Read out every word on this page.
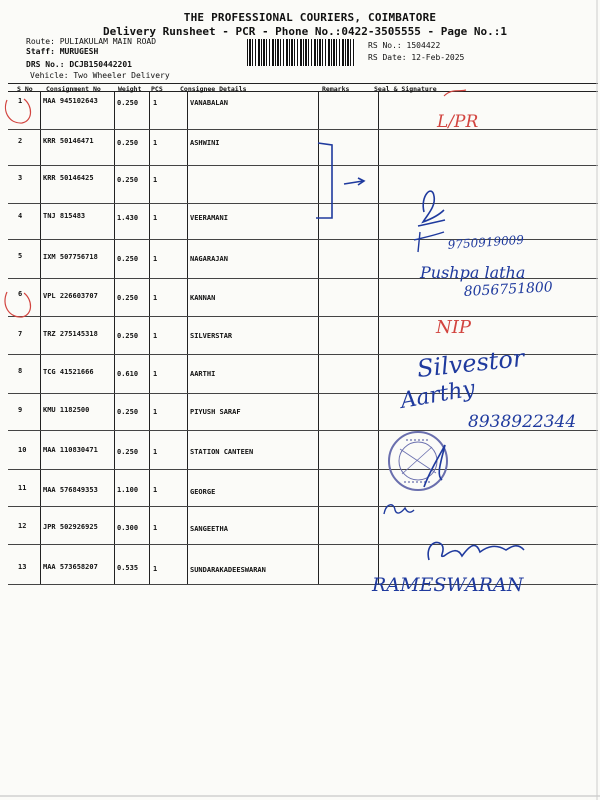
THE PROFESSIONAL COURIERS, COIMBATORE
Delivery Runsheet - PCR - Phone No.:0422-3505555 - Page No.:1
Route: PULIAKULAM MAIN ROAD
Staff: MURUGESH
DRS No.: DCJB150442201
Vehicle: Two Wheeler Delivery
RS No.: 1504422
RS Date: 12-Feb-2025
S No Consignment No	Weight PCS	Consignee Details	Remarks	Seal & Signature
1	MAA 945102643	0.250 1	VANABALAN
2	KRR 50146471	0.250 1	ASHWINI
3	KRR 50146425	0.250 1
4	TNJ 815483	1.430 1	VEERAMANI
5	IXM 507756718	0.250 1	NAGARAJAN
6	VPL 226603707	0.250 1	KANNAN
7	TRZ 275145318	0.250 1	SILVERSTAR
8	TCG 41521666	0.610 1	AARTHI
9	KMU 1182500	0.250 1	PIYUSH SARAF
10 MAA 110830471	0.250 1	STATION CANTEEN
11 MAA 576849353	1.100 1	GEORGE
12 JPR 502926925	0.300 1	SANGEETHA
13 MAA 573658207	0.535 1	SUNDARAKADEESWARAN
L/PR
NIP
9750919009
Pushpa latha
8056751800
Silvestor
Aarthy
8938922344
RAMESWARAN
